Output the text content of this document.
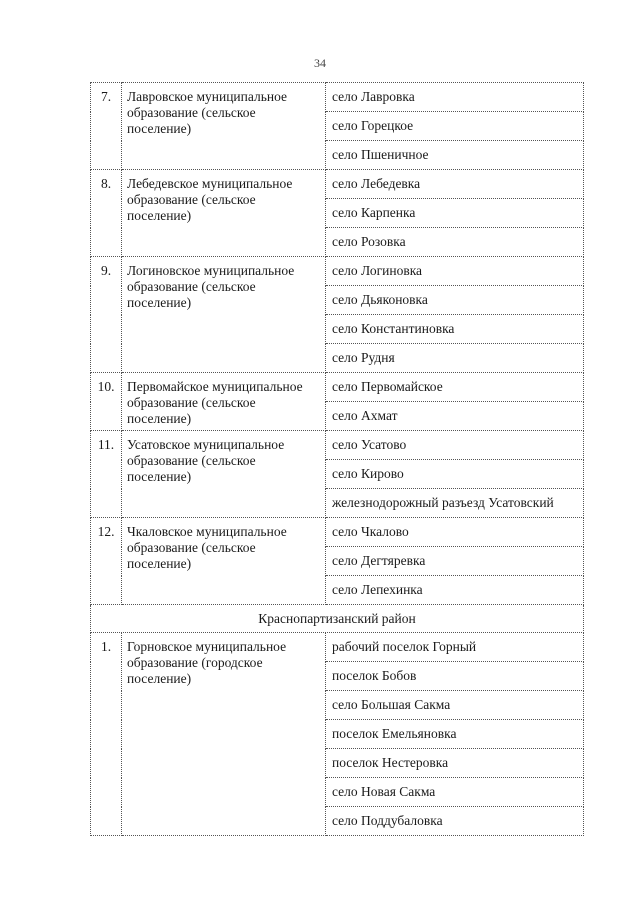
34
7.	Лавровское муниципальное образование (сельское поселение)	село Лавровка
		село Горецкое
		село Пшеничное
8.	Лебедевское муниципальное образование (сельское поселение)	село Лебедевка
		село Карпенка
		село Розовка
9.	Логиновское муниципальное образование (сельское поселение)	село Логиновка
		село Дьяконовка
		село Константиновка
		село Рудня
10.	Первомайское муниципальное образование (сельское поселение)	село Первомайское
		село Ахмат
11.	Усатовское муниципальное образование (сельское поселение)	село Усатово
		село Кирово
		железнодорожный разъезд Усатовский
12.	Чкаловское муниципальное образование (сельское поселение)	село Чкалово
		село Дегтяревка
		село Лепехинка
Краснопартизанский район		
1.	Горновское муниципальное образование (городское поселение)	рабочий поселок Горный
		поселок Бобов
		село Большая Сакма
		поселок Емельяновка
		поселок Нестеровка
		село Новая Сакма
		село Поддубаловка
